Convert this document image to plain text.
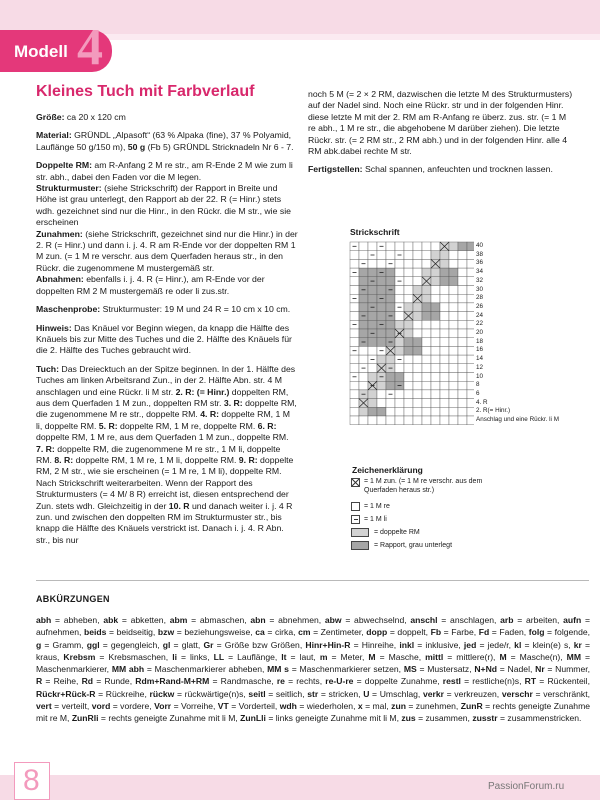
Modell 4
Kleines Tuch mit Farbverlauf

Größe: ca 20 x 120 cm

Material: GRÜNDL „Alpasoft“ (63 % Alpaka (fine), 37 % Polyamid, Lauflänge 50 g/150 m), 50 g (Fb 5) GRÜNDL Stricknadeln Nr 6 - 7.

Doppelte RM: am R-Anfang 2 M re str., am R-Ende 2 M wie zum li str. abh., dabei den Faden vor die M legen.

Strukturmuster: (siehe Strickschrift) der Rapport in Breite und Höhe ist grau unterlegt, den Rapport ab der 22. R (= Hinr.) stets wdh. gezeichnet sind nur die Hinr., in den Rückr. die M str., wie sie erscheinen

Zunahmen: (siehe Strickschrift, gezeichnet sind nur die Hinr.) in der 2. R (= Hinr.) und dann i. j. 4. R am R-Ende vor der doppelten RM 1 M zun. (= 1 M re verschr. aus dem Querfaden heraus str., in den Rückr. die zugenommene M mustergemäß str.

Abnahmen: ebenfalls i. j. 4. R (= Hinr.), am R-Ende vor der doppelten RM 2 M mustergemäß re oder li zus.str.

Maschenprobe: Strukturmuster: 19 M und 24 R = 10 cm x 10 cm.

Hinweis: Das Knäuel vor Beginn wiegen, da knapp die Hälfte des Knäuels bis zur Mitte des Tuches und die 2. Hälfte des Knäuels für die 2. Hälfte des Tuches gebraucht wird.

Tuch: Das Dreiecktuch an der Spitze beginnen. In der 1. Hälfte des Tuches am linken Arbeitsrand Zun., in der 2. Hälfte Abn. str. 4 M anschlagen und eine Rückr. li M str. 2. R: (= Hinr.) doppelten RM, aus dem Querfaden 1 M zun., doppelten RM str. 3. R: doppelte RM, die zugenommene M re str., doppelte RM. 4. R: doppelte RM, 1 M li, doppelte RM. 5. R: doppelte RM, 1 M re, doppelte RM. 6. R: doppelte RM, 1 M re, aus dem Querfaden 1 M zun., doppelte RM. 7. R: doppelte RM, die zugenommene M re str., 1 M li, doppelte RM. 8. R: doppelte RM, 1 M re, 1 M li, doppelte RM. 9. R: doppelte RM, 2 M str., wie sie erscheinen (= 1 M re, 1 M li), doppelte RM. Nach Strickschrift weiterarbeiten. Wenn der Rapport des Strukturmusters (= 4 M/ 8 R) erreicht ist, diesen entsprechend der Zun. stets wdh. Gleichzeitig in der 10. R und danach weiter i. j. 4 R zun. und zwischen den doppelten RM im Strukturmuster str., bis knapp die Hälfte des Knäuels verstrickt ist. Danach i. j. 4. R Abn. str., bis nur

noch 5 M (= 2 × 2 RM, dazwischen die letzte M des Strukturmusters) auf der Nadel sind. Noch eine Rückr. str und in der folgenden Hinr. diese letzte M mit der 2. RM am R-Anfang re überz. zus. str. (= 1 M re abh., 1 M re str., die abgehobene M darüber ziehen). Die letzte Rückr. str. (= 2 RM str., 2 RM abh.) und in der folgenden Hinr. alle 4 RM abk.dabei rechte M str.

Fertigstellen: Schal spannen, anfeuchten und trocknen lassen.

Strickschrift
40
38
36
34
32
30
28
26
24
22
20
18
16
14
12
10
8
6
4. R
2. R(= Hinr.)
Anschlag und eine Rückr. li M
Zeichenerklärung
= 1 M zun. (= 1 M re verschr. aus dem Querfaden heraus str.)
= 1 M re
= 1 M li
= doppelte RM
= Rapport, grau unterlegt
ABKÜRZUNGEN
abh = abheben, abk = abketten, abm = abmaschen, abn = abnehmen, abw = abwechselnd, anschl = anschlagen, arb = arbeiten, aufn = aufnehmen, beids = beidseitig, bzw = beziehungsweise, ca = cirka, cm = Zentimeter, dopp = doppelt, Fb = Farbe, Fd = Faden, folg = folgende, g = Gramm, ggl = gegengleich, gl = glatt, Gr = Größe bzw Größen, Hinr+Hin-R = Hinreihe, inkl = inklusive, jed = jede/r, kl = klein(e) s, kr = kraus, Krebsm = Krebsmaschen, li = links, LL = Lauflänge, lt = laut, m = Meter, M = Masche, mittl = mittlere(r), M = Masche(n), MM = Maschenmarkierer, MM abh = Maschenmarkierer abheben, MM s = Maschenmarkierer setzen, MS = Mustersatz, N+Nd = Nadel, Nr = Nummer, R = Reihe, Rd = Runde, Rdm+Rand-M+RM = Randmasche, re = rechts, re-U-re = doppelte Zunahme, restl = restliche(n)s, RT = Rückenteil, Rückr+Rück-R = Rückreihe, rückw = rückwärtige(n)s, seitl = seitlich, str = stricken, U = Umschlag, verkr = verkreuzen, verschr = verschränkt, vert = verteilt, vord = vordere, Vorr = Vorreihe, VT = Vorderteil, wdh = wiederholen, x = mal, zun = zunehmen, ZunR = rechts geneigte Zunahme mit re M, ZunRli = rechts geneigte Zunahme mit li M, ZunLli = links geneigte Zunahme mit li M, zus = zusammen, zusstr = zusammenstricken.
8	PassionForum.ru
